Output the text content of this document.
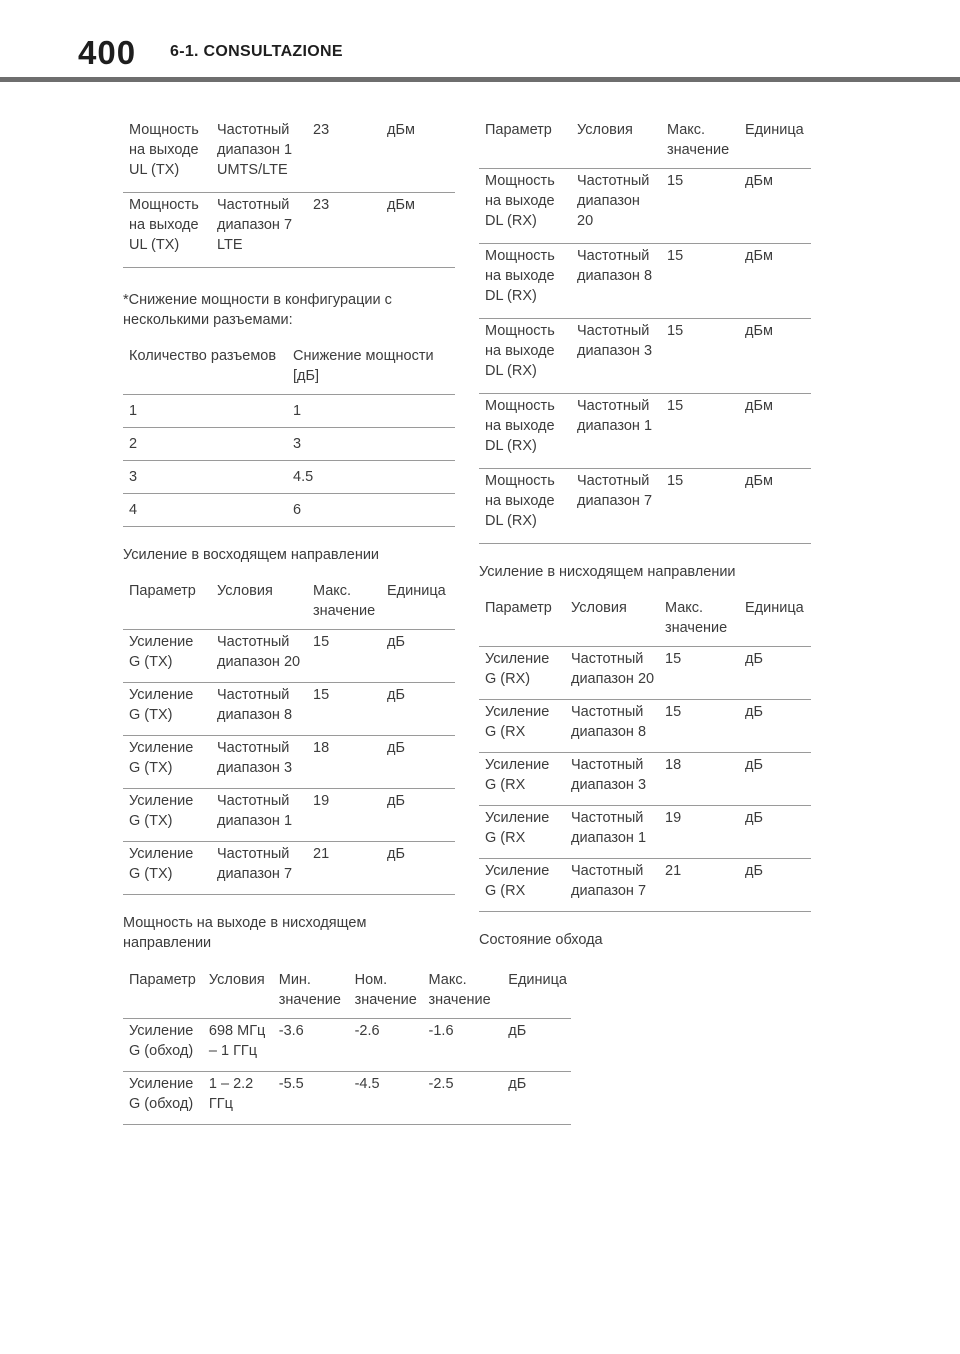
400 6-1. CONSULTAZIONE
Мощность на выходе UL (TX)	Частотный диапазон 1 UMTS/LTE	23	дБм
Мощность на выходе UL (TX)	Частотный диапазон 7 LTE	23	дБм

*Снижение мощности в конфигурации с несколькими разъемами:

Количество разъемов	Снижение мощности [дБ]
1	1
2	3
3	4.5
4	6

Усиление в восходящем направлении

Параметр	Условия	Макс. значение	Единица
Усиление G (TX)	Частотный диапазон 20	15	дБ
Усиление G (TX)	Частотный диапазон 8	15	дБ
Усиление G (TX)	Частотный диапазон 3	18	дБ
Усиление G (TX)	Частотный диапазон 1	19	дБ
Усиление G (TX)	Частотный диапазон 7	21	дБ

Мощность на выходе в нисходящем направлении

Параметр	Условия	Макс. значение	Единица
Мощность на выходе DL (RX)	Частотный диапазон 20	15	дБм
Мощность на выходе DL (RX)	Частотный диапазон 8	15	дБм
Мощность на выходе DL (RX)	Частотный диапазон 3	15	дБм
Мощность на выходе DL (RX)	Частотный диапазон 1	15	дБм
Мощность на выходе DL (RX)	Частотный диапазон 7	15	дБм

Усиление в нисходящем направлении

Параметр	Условия	Макс. значение	Единица
Усиление G (RX)	Частотный диапазон 20	15	дБ
Усиление G (RX	Частотный диапазон 8	15	дБ
Усиление G (RX	Частотный диапазон 3	18	дБ
Усиление G (RX	Частотный диапазон 1	19	дБ
Усиление G (RX	Частотный диапазон 7	21	дБ

Состояние обхода

Параметр	Условия	Мин. значение	Ном. значение	Макс. значение	Единица
Усиление G (обход)	698 МГц – 1 ГГц	-3.6	-2.6	-1.6	дБ
Усиление G (обход)	1 – 2.2 ГГц	-5.5	-4.5	-2.5	дБ
